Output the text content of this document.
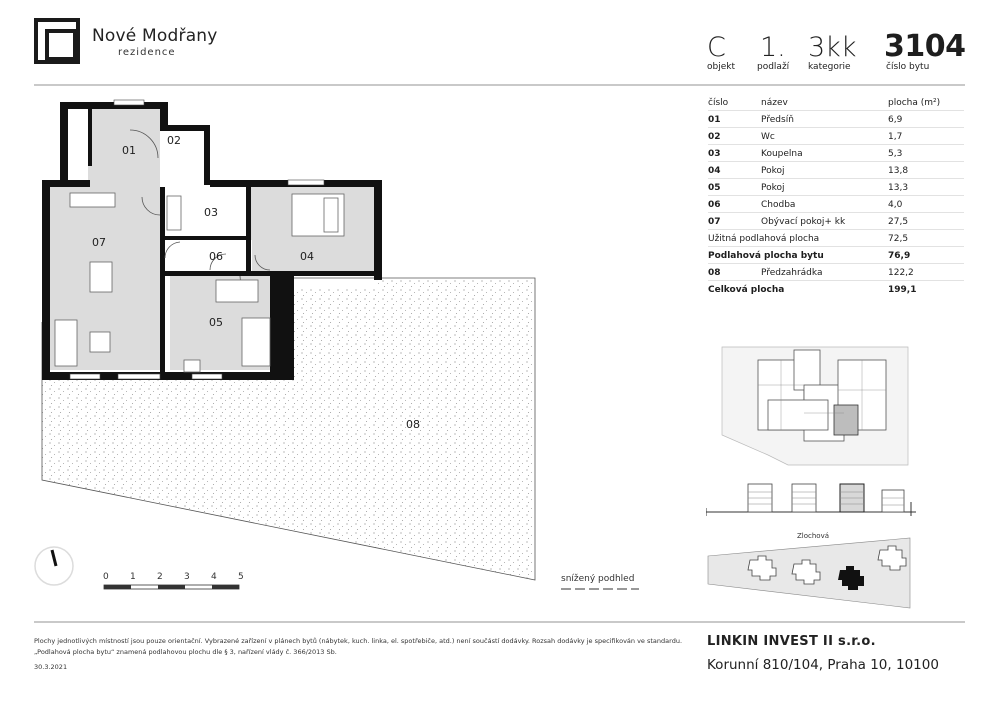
Nové Modřany
rezidence	C
objekt
1.
podlaží
3kk
kategorie
3104
číslo bytu
číslo	název	plocha (m²)
01	Předsíň	6,9
02	Wc	1,7
03	Koupelna	5,3
04	Pokoj	13,8
05	Pokoj	13,3
06	Chodba	4,0
07	Obývací pokoj+ kk	27,5
Užitná podlahová plocha	72,5
Podlahová plocha bytu	76,9
08	Předzahrádka	122,2
Celková plocha	199,1
01
02
03
04
05
06
07
08
snížený podhled
0 1 2 3 4 5
Zlochová
Plochy jednotlivých místností jsou pouze orientační. Vybrazené zařízení v plánech bytů (nábytek, kuch. linka, el. spotřebiče, atd.) není součástí dodávky. Rozsah dodávky je specifikován ve standardu.
„Podlahová plocha bytu“ znamená podlahovou plochu dle § 3, nařízení vlády č. 366/2013 Sb.
30.3.2021
LINKIN INVEST II s.r.o.
Korunní 810/104, Praha 10, 10100
